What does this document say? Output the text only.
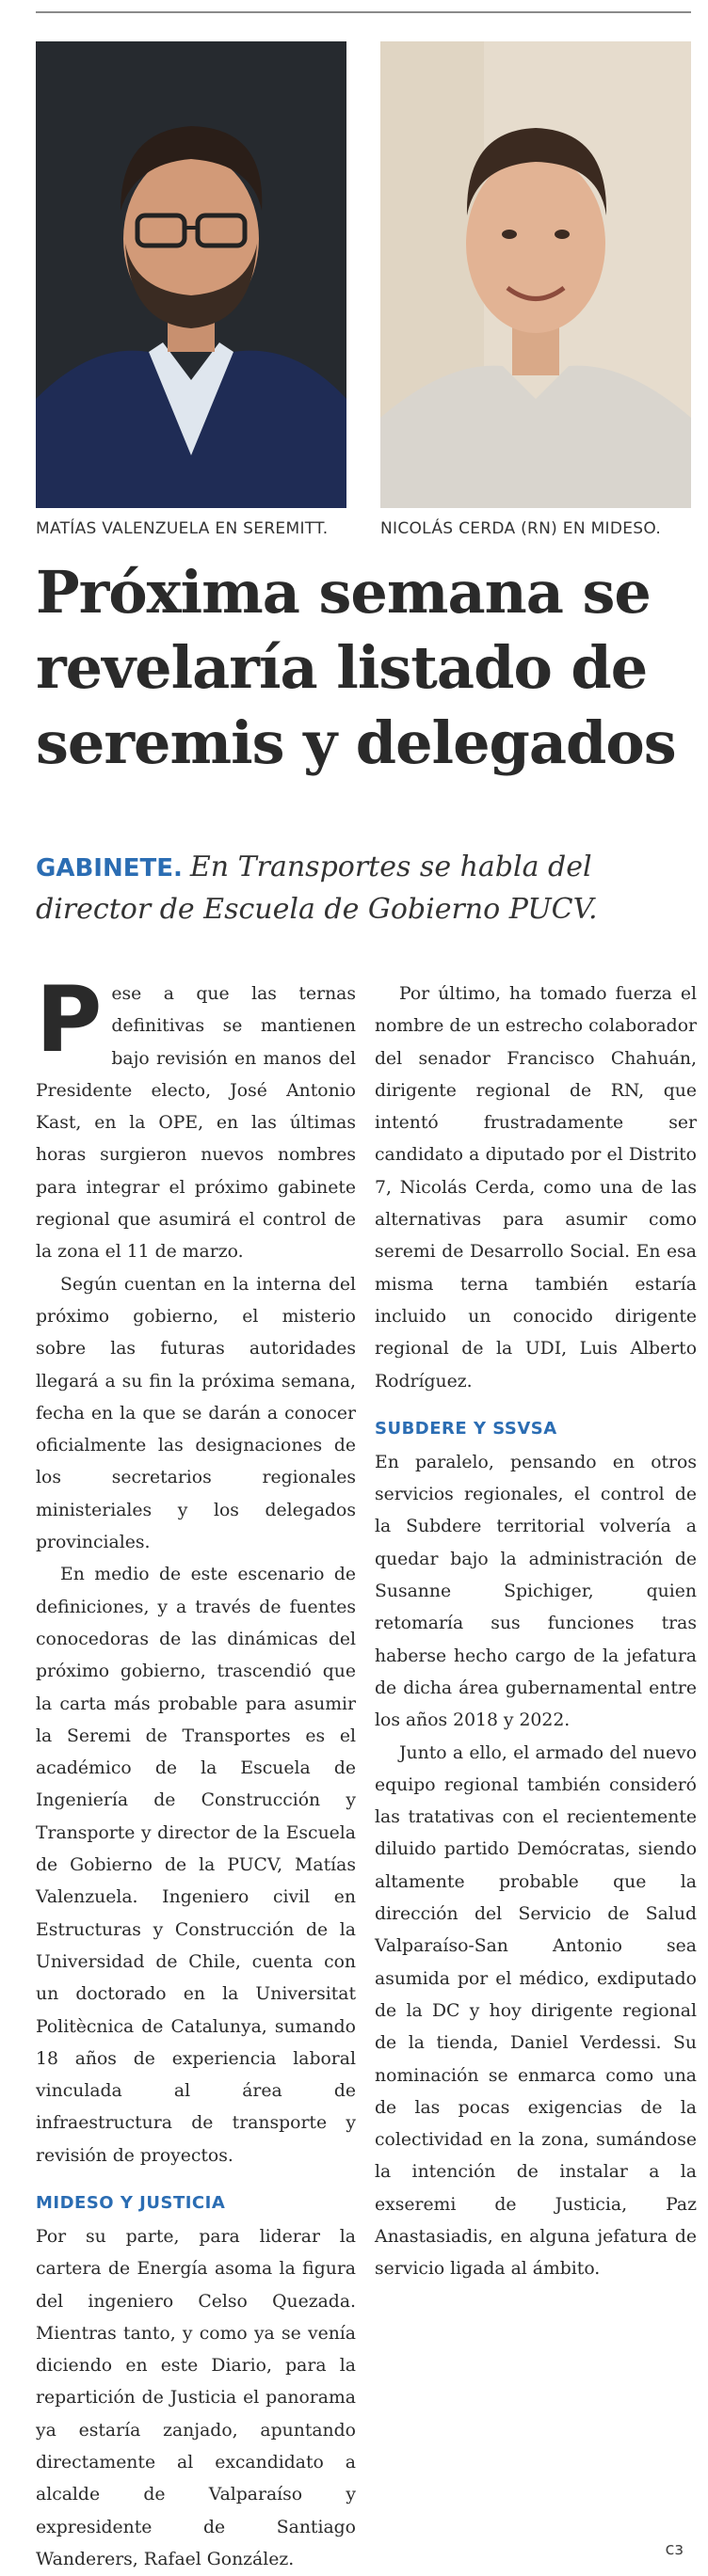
MATÍAS VALENZUELA EN SEREMITT.	NICOLÁS CERDA (RN) EN MIDESO.
Próxima semana se revelaría listado de seremis y delegados
GABINETE. En Transportes se habla del director de Escuela de Gobierno PUCV.

Pese a que las ternas definitivas se mantienen bajo revisión en manos del Presidente electo, José Antonio Kast, en la OPE, en las últimas horas surgieron nuevos nombres para integrar el próximo gabinete regional que asumirá el control de la zona el 11 de marzo.

Según cuentan en la interna del próximo gobierno, el misterio sobre las futuras autoridades llegará a su fin la próxima semana, fecha en la que se darán a conocer oficialmente las designaciones de los secretarios regionales ministeriales y los delegados provinciales.

En medio de este escenario de definiciones, y a través de fuentes conocedoras de las dinámicas del próximo gobierno, trascendió que la carta más probable para asumir la Seremi de Transportes es el académico de la Escuela de Ingeniería de Construcción y Transporte y director de la Escuela de Gobierno de la PUCV, Matías Valenzuela. Ingeniero civil en Estructuras y Construcción de la Universidad de Chile, cuenta con un doctorado en la Universitat Politècnica de Catalunya, sumando 18 años de experiencia laboral vinculada al área de infraestructura de transporte y revisión de proyectos.

MIDESO Y JUSTICIA

Por su parte, para liderar la cartera de Energía asoma la figura del ingeniero Celso Quezada. Mientras tanto, y como ya se venía diciendo en este Diario, para la repartición de Justicia el panorama ya estaría zanjado, apuntando directamente al excandidato a alcalde de Valparaíso y expresidente de Santiago Wanderers, Rafael González.

Por último, ha tomado fuerza el nombre de un estrecho colaborador del senador Francisco Chahuán, dirigente regional de RN, que intentó frustradamente ser candidato a diputado por el Distrito 7, Nicolás Cerda, como una de las alternativas para asumir como seremi de Desarrollo Social. En esa misma terna también estaría incluido un conocido dirigente regional de la UDI, Luis Alberto Rodríguez.

SUBDERE Y SSVSA

En paralelo, pensando en otros servicios regionales, el control de la Subdere territorial volvería a quedar bajo la administración de Susanne Spichiger, quien retomaría sus funciones tras haberse hecho cargo de la jefatura de dicha área gubernamental entre los años 2018 y 2022.

Junto a ello, el armado del nuevo equipo regional también consideró las tratativas con el recientemente diluido partido Demócratas, siendo altamente probable que la dirección del Servicio de Salud Valparaíso-San Antonio sea asumida por el médico, exdiputado de la DC y hoy dirigente regional de la tienda, Daniel Verdessi. Su nominación se enmarca como una de las pocas exigencias de la colectividad en la zona, sumándose la intención de instalar a la exseremi de Justicia, Paz Anastasiadis, en alguna jefatura de servicio ligada al ámbito.

cз
